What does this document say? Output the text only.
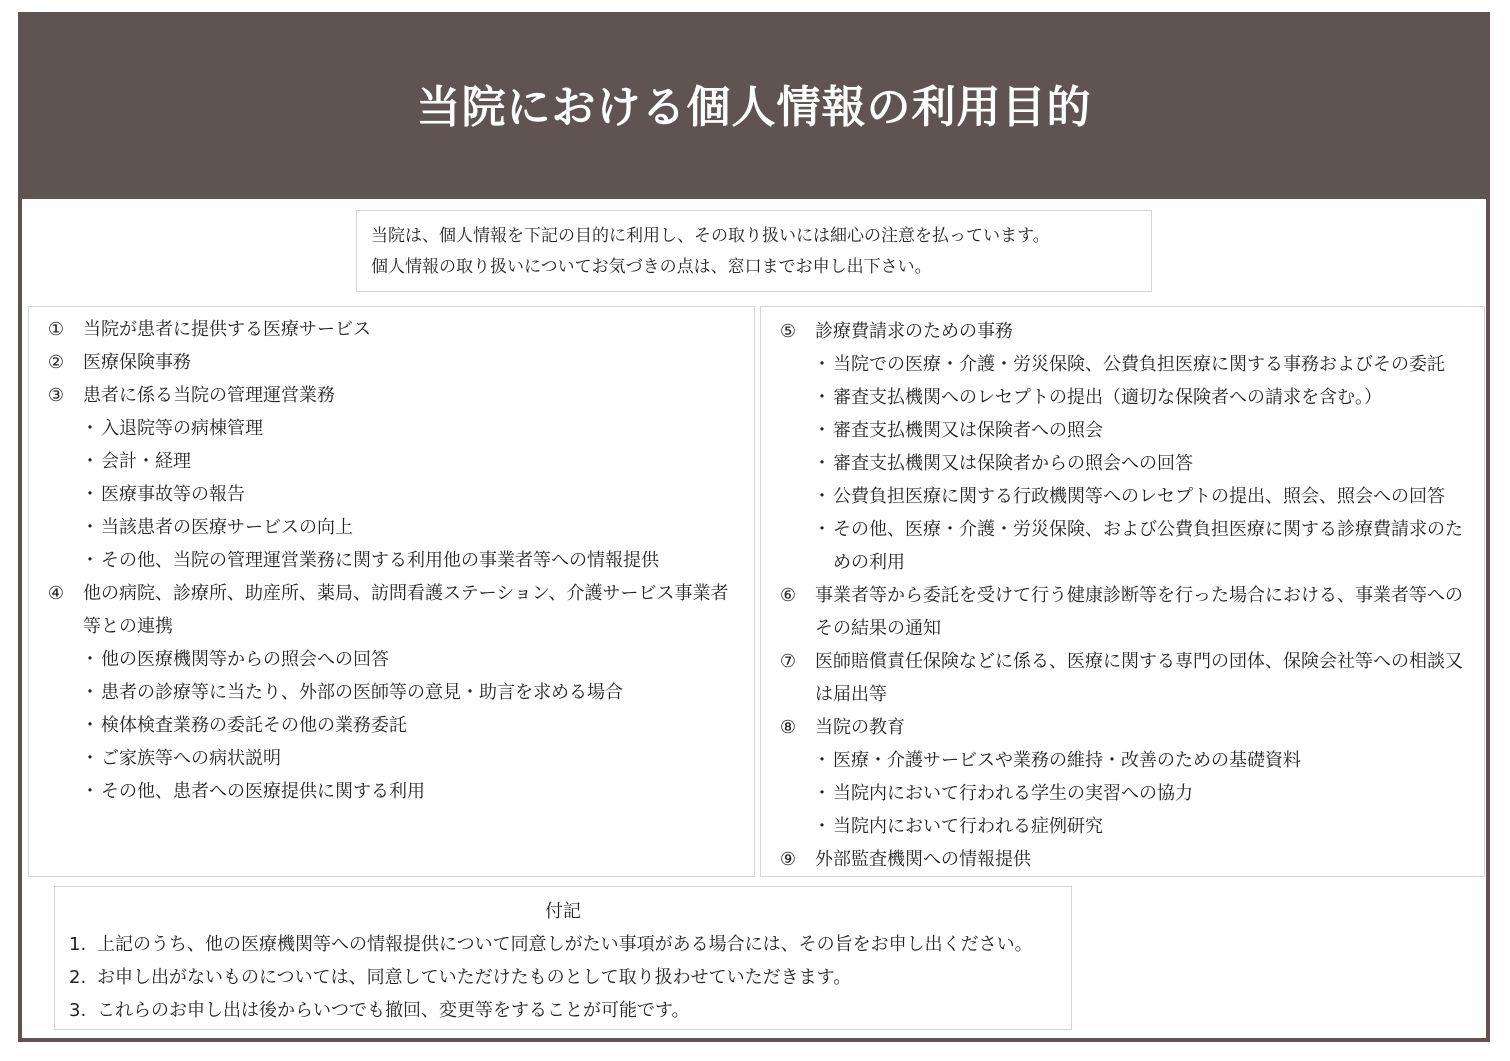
当院における個人情報の利用目的

当院は、個人情報を下記の目的に利用し、その取り扱いには細心の注意を払っています。

個人情報の取り扱いについてお気づきの点は、窓口までお申し出下さい。

①	当院が患者に提供する医療サービス
②	医療保険事務
③	患者に係る当院の管理運営業務
・ 入退院等の病棟管理
・ 会計・経理
・ 医療事故等の報告
・ 当該患者の医療サービスの向上
・ その他、当院の管理運営業務に関する利用他の事業者等への情報提供
④	他の病院、診療所、助産所、薬局、訪問看護ステーション、介護サービス事業者等との連携
・ 他の医療機関等からの照会への回答
・ 患者の診療等に当たり、外部の医師等の意見・助言を求める場合
・ 検体検査業務の委託その他の業務委託
・ ご家族等への病状説明
・ その他、患者への医療提供に関する利用
⑤	診療費請求のための事務
・ 当院での医療・介護・労災保険、公費負担医療に関する事務およびその委託
・ 審査支払機関へのレセプトの提出（適切な保険者への請求を含む。）
・ 審査支払機関又は保険者への照会
・ 審査支払機関又は保険者からの照会への回答
・ 公費負担医療に関する行政機関等へのレセプトの提出、照会、照会への回答
・ その他、医療・介護・労災保険、および公費負担医療に関する診療費請求のための利用
⑥	事業者等から委託を受けて行う健康診断等を行った場合における、事業者等へのその結果の通知
⑦	医師賠償責任保険などに係る、医療に関する専門の団体、保険会社等への相談又は届出等
⑧	当院の教育
・ 医療・介護サービスや業務の維持・改善のための基礎資料
・ 当院内において行われる学生の実習への協力
・ 当院内において行われる症例研究
⑨	外部監査機関への情報提供
付記
1. 上記のうち、他の医療機関等への情報提供について同意しがたい事項がある場合には、その旨をお申し出ください。
2. お申し出がないものについては、同意していただけたものとして取り扱わせていただきます。
3. これらのお申し出は後からいつでも撤回、変更等をすることが可能です。
